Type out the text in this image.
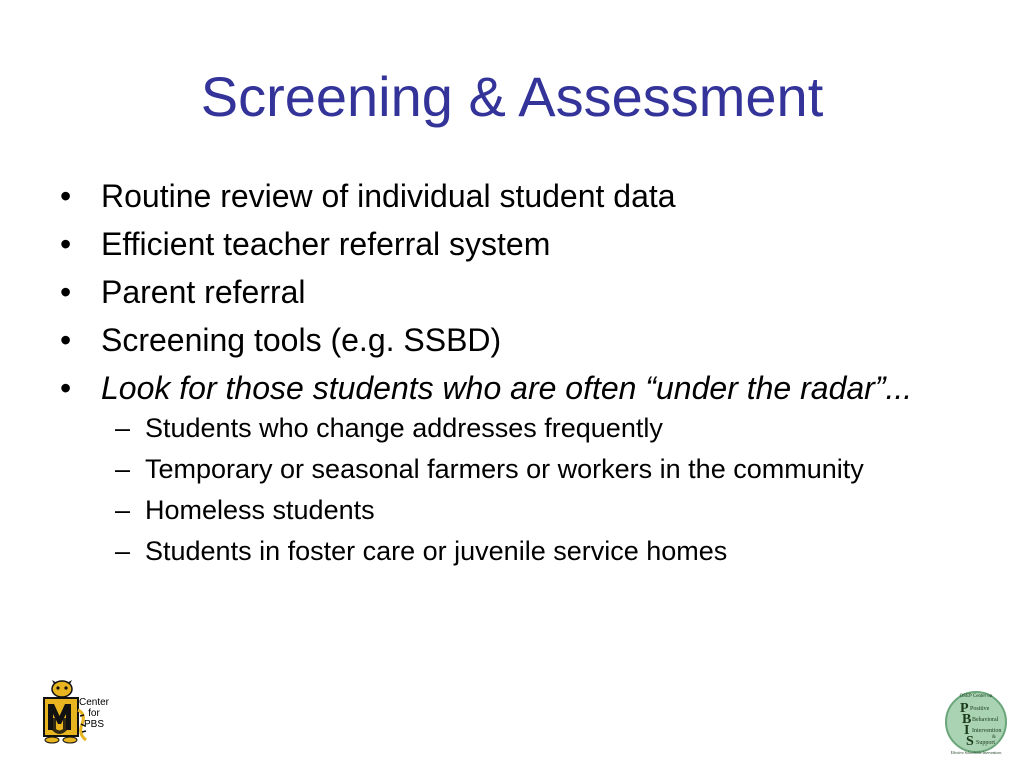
Screening & Assessment
• Routine review of individual student data
• Efficient teacher referral system
• Parent referral
• Screening tools (e.g. SSBD)
• Look for those students who are often “under the radar”...
– Students who change addresses frequently
– Temporary or seasonal farmers or workers in the community
– Homeless students
– Students in foster care or juvenile service homes
Center
for
PBS
OSEP Center on
P
B
I
S
Positive
Behavioral
Intervention
&
Support
Effective Schoolwide Interventions
